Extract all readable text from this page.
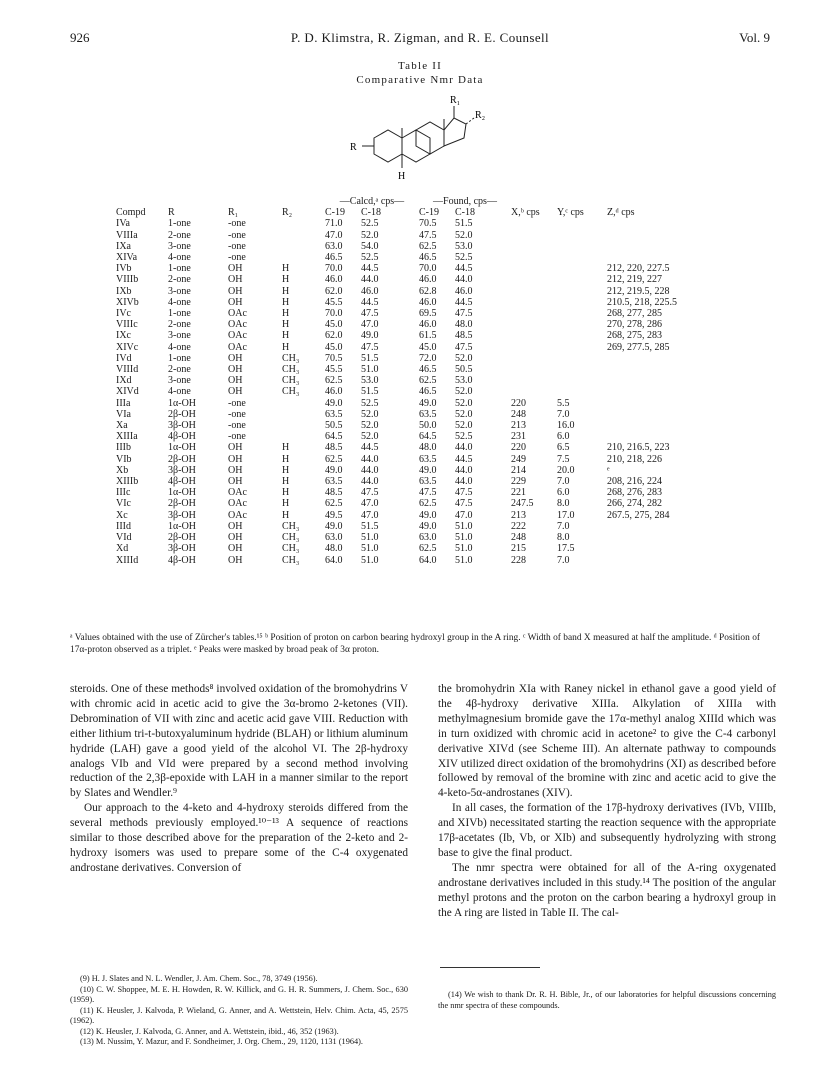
926	P. D. Klimstra, R. Zigman, and R. E. Counsell	Vol. 9
Table II
Comparative Nmr Data
R₁
R₂
R
H
				—Calcd,ᵃ cps—		—Found, cps—				
Compd	R	R₁	R₂	C-19	C-18	C-19	C-18	X,ᵇ cps	Y,ᶜ cps	Z,ᵈ cps
IVa	1-one	-one		71.0	52.5	70.5	51.5			
VIIIa	2-one	-one		47.0	52.0	47.5	52.0			
IXa	3-one	-one		63.0	54.0	62.5	53.0			
XIVa	4-one	-one		46.5	52.5	46.5	52.5			
IVb	1-one	OH	H	70.0	44.5	70.0	44.5			212, 220, 227.5
VIIIb	2-one	OH	H	46.0	44.0	46.0	44.0			212, 219, 227
IXb	3-one	OH	H	62.0	46.0	62.8	46.0			212, 219.5, 228
XIVb	4-one	OH	H	45.5	44.5	46.0	44.5			210.5, 218, 225.5
IVc	1-one	OAc	H	70.0	47.5	69.5	47.5			268, 277, 285
VIIIc	2-one	OAc	H	45.0	47.0	46.0	48.0			270, 278, 286
IXc	3-one	OAc	H	62.0	49.0	61.5	48.5			268, 275, 283
XIVc	4-one	OAc	H	45.0	47.5	45.0	47.5			269, 277.5, 285
IVd	1-one	OH	CH₃	70.5	51.5	72.0	52.0			
VIIId	2-one	OH	CH₃	45.5	51.0	46.5	50.5			
IXd	3-one	OH	CH₃	62.5	53.0	62.5	53.0			
XIVd	4-one	OH	CH₃	46.0	51.5	46.5	52.0			
IIIa	1α-OH	-one		49.0	52.5	49.0	52.0	220	5.5	
VIa	2β-OH	-one		63.5	52.0	63.5	52.0	248	7.0	
Xa	3β-OH	-one		50.5	52.0	50.0	52.0	213	16.0	
XIIIa	4β-OH	-one		64.5	52.0	64.5	52.5	231	6.0	
IIIb	1α-OH	OH	H	48.5	44.5	48.0	44.0	220	6.5	210, 216.5, 223
VIb	2β-OH	OH	H	62.5	44.0	63.5	44.5	249	7.5	210, 218, 226
Xb	3β-OH	OH	H	49.0	44.0	49.0	44.0	214	20.0	ᵉ
XIIIb	4β-OH	OH	H	63.5	44.0	63.5	44.0	229	7.0	208, 216, 224
IIIc	1α-OH	OAc	H	48.5	47.5	47.5	47.5	221	6.0	268, 276, 283
VIc	2β-OH	OAc	H	62.5	47.0	62.5	47.5	247.5	8.0	266, 274, 282
Xc	3β-OH	OAc	H	49.5	47.0	49.0	47.0	213	17.0	267.5, 275, 284
IIId	1α-OH	OH	CH₃	49.0	51.5	49.0	51.0	222	7.0	
VId	2β-OH	OH	CH₃	63.0	51.0	63.0	51.0	248	8.0	
Xd	3β-OH	OH	CH₃	48.0	51.0	62.5	51.0	215	17.5	
XIIId	4β-OH	OH	CH₃	64.0	51.0	64.0	51.0	228	7.0	
ᵃ Values obtained with the use of Zürcher's tables.¹⁵ ᵇ Position of proton on carbon bearing hydroxyl group in the A ring. ᶜ Width of band X measured at half the amplitude. ᵈ Position of 17α-proton observed as a triplet. ᵉ Peaks were masked by broad peak of 3α proton.

steroids. One of these methods⁸ involved oxidation of the bromohydrins V with chromic acid in acetic acid to give the 3α-bromo 2-ketones (VII). Debromination of VII with zinc and acetic acid gave VIII. Reduction with either lithium tri-t-butoxyaluminum hydride (BLAH) or lithium aluminum hydride (LAH) gave a good yield of the alcohol VI. The 2β-hydroxy analogs VIb and VId were prepared by a second method involving reduction of the 2,3β-epoxide with LAH in a manner similar to the report by Slates and Wendler.⁹

Our approach to the 4-keto and 4-hydroxy steroids differed from the several methods previously employed.¹⁰⁻¹³ A sequence of reactions similar to those described above for the preparation of the 2-keto and 2-hydroxy isomers was used to prepare some of the C-4 oxygenated androstane derivatives. Conversion of

the bromohydrin XIa with Raney nickel in ethanol gave a good yield of the 4β-hydroxy derivative XIIIa. Alkylation of XIIIa with methylmagnesium bromide gave the 17α-methyl analog XIIId which was in turn oxidized with chromic acid in acetone² to give the C-4 carbonyl derivative XIVd (see Scheme III). An alternate pathway to compounds XIV utilized direct oxidation of the bromohydrins (XI) as described before followed by removal of the bromine with zinc and acetic acid to give the 4-keto-5α-androstanes (XIV).

In all cases, the formation of the 17β-hydroxy derivatives (IVb, VIIIb, and XIVb) necessitated starting the reaction sequence with the appropriate 17β-acetates (Ib, Vb, or XIb) and subsequently hydrolyzing with strong base to give the final product.

The nmr spectra were obtained for all of the A-ring oxygenated androstane derivatives included in this study.¹⁴ The position of the angular methyl protons and the proton on the carbon bearing a hydroxyl group in the A ring are listed in Table II. The cal-

(9) H. J. Slates and N. L. Wendler, J. Am. Chem. Soc., 78, 3749 (1956).

(10) C. W. Shoppee, M. E. H. Howden, R. W. Killick, and G. H. R. Summers, J. Chem. Soc., 630 (1959).

(11) K. Heusler, J. Kalvoda, P. Wieland, G. Anner, and A. Wettstein, Helv. Chim. Acta, 45, 2575 (1962).

(12) K. Heusler, J. Kalvoda, G. Anner, and A. Wettstein, ibid., 46, 352 (1963).

(13) M. Nussim, Y. Mazur, and F. Sondheimer, J. Org. Chem., 29, 1120, 1131 (1964).

(14) We wish to thank Dr. R. H. Bible, Jr., of our laboratories for helpful discussions concerning the nmr spectra of these compounds.
